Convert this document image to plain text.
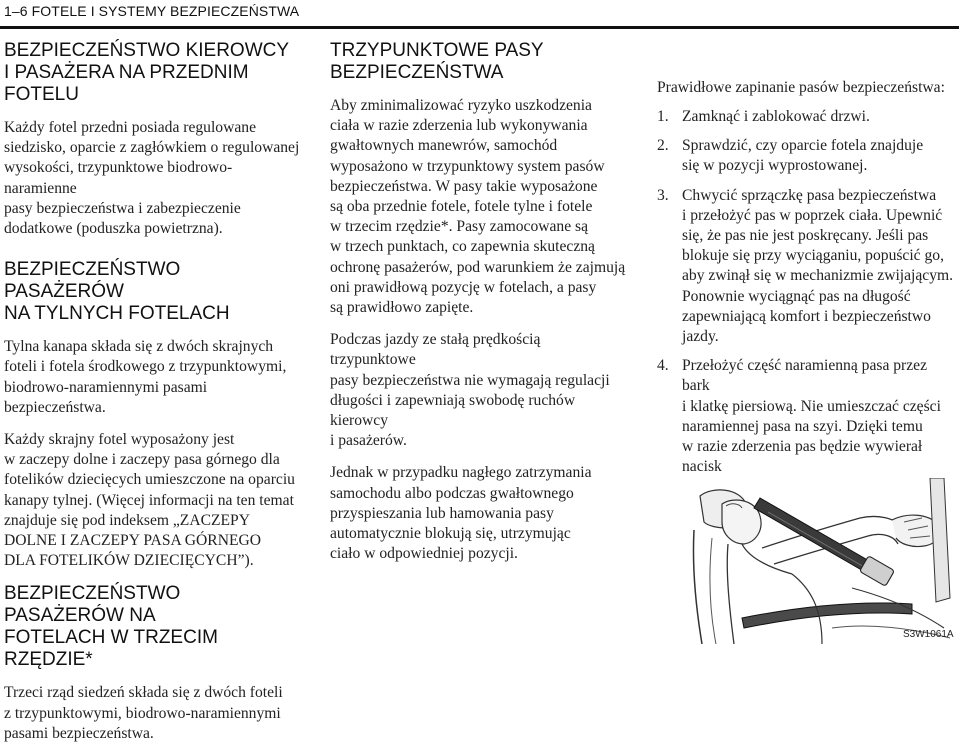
1–6 FOTELE I SYSTEMY BEZPIECZEŃSTWA
BEZPIECZEŃSTWO KIEROWCY
I PASAŻERA NA PRZEDNIM FOTELU

Każdy fotel przedni posiada regulowane
siedzisko, oparcie z zagłówkiem o regulowanej
wysokości, trzypunktowe biodrowo-naramienne
pasy bezpieczeństwa i zabezpieczenie
dodatkowe (poduszka powietrzna).

BEZPIECZEŃSTWO PASAŻERÓW
NA TYLNYCH FOTELACH

Tylna kanapa składa się z dwóch skrajnych
foteli i fotela środkowego z trzypunktowymi,
biodrowo-naramiennymi pasami
bezpieczeństwa.

Każdy skrajny fotel wyposażony jest
w zaczepy dolne i zaczepy pasa górnego dla
fotelików dziecięcych umieszczone na oparciu
kanapy tylnej. (Więcej informacji na ten temat
znajduje się pod indeksem „ZACZEPY
DOLNE I ZACZEPY PASA GÓRNEGO
DLA FOTELIKÓW DZIECIĘCYCH”).

BEZPIECZEŃSTWO PASAŻERÓW NA
FOTELACH W TRZECIM RZĘDZIE*

Trzeci rząd siedzeń składa się z dwóch foteli
z trzypunktowymi, biodrowo-naramiennymi
pasami bezpieczeństwa.

TRZYPUNKTOWE PASY
BEZPIECZEŃSTWA

Aby zminimalizować ryzyko uszkodzenia
ciała w razie zderzenia lub wykonywania
gwałtownych manewrów, samochód
wyposażono w trzypunktowy system pasów
bezpieczeństwa. W pasy takie wyposażone
są oba przednie fotele, fotele tylne i fotele
w trzecim rzędzie*. Pasy zamocowane są
w trzech punktach, co zapewnia skuteczną
ochronę pasażerów, pod warunkiem że zajmują
oni prawidłową pozycję w fotelach, a pasy
są prawidłowo zapięte.

Podczas jazdy ze stałą prędkością trzypunktowe
pasy bezpieczeństwa nie wymagają regulacji
długości i zapewniają swobodę ruchów kierowcy
i pasażerów.

Jednak w przypadku nagłego zatrzymania
samochodu albo podczas gwałtownego
przyspieszania lub hamowania pasy
automatycznie blokują się, utrzymując
ciało w odpowiedniej pozycji.

Prawidłowe zapinanie pasów bezpieczeństwa:

1. Zamknąć i zablokować drzwi.
2. Sprawdzić, czy oparcie fotela znajduje
się w pozycji wyprostowanej.
3. Chwycić sprzączkę pasa bezpieczeństwa
i przełożyć pas w poprzek ciała. Upewnić
się, że pas nie jest poskręcany. Jeśli pas
blokuje się przy wyciąganiu, popuścić go,
aby zwinął się w mechanizmie zwijającym.
Ponownie wyciągnąć pas na długość
zapewniającą komfort i bezpieczeństwo
jazdy.
4. Przełożyć część naramienną pasa przez bark
i klatkę piersiową. Nie umieszczać części
naramiennej pasa na szyi. Dzięki temu
w razie zderzenia pas będzie wywierał nacisk
S3W1061A
